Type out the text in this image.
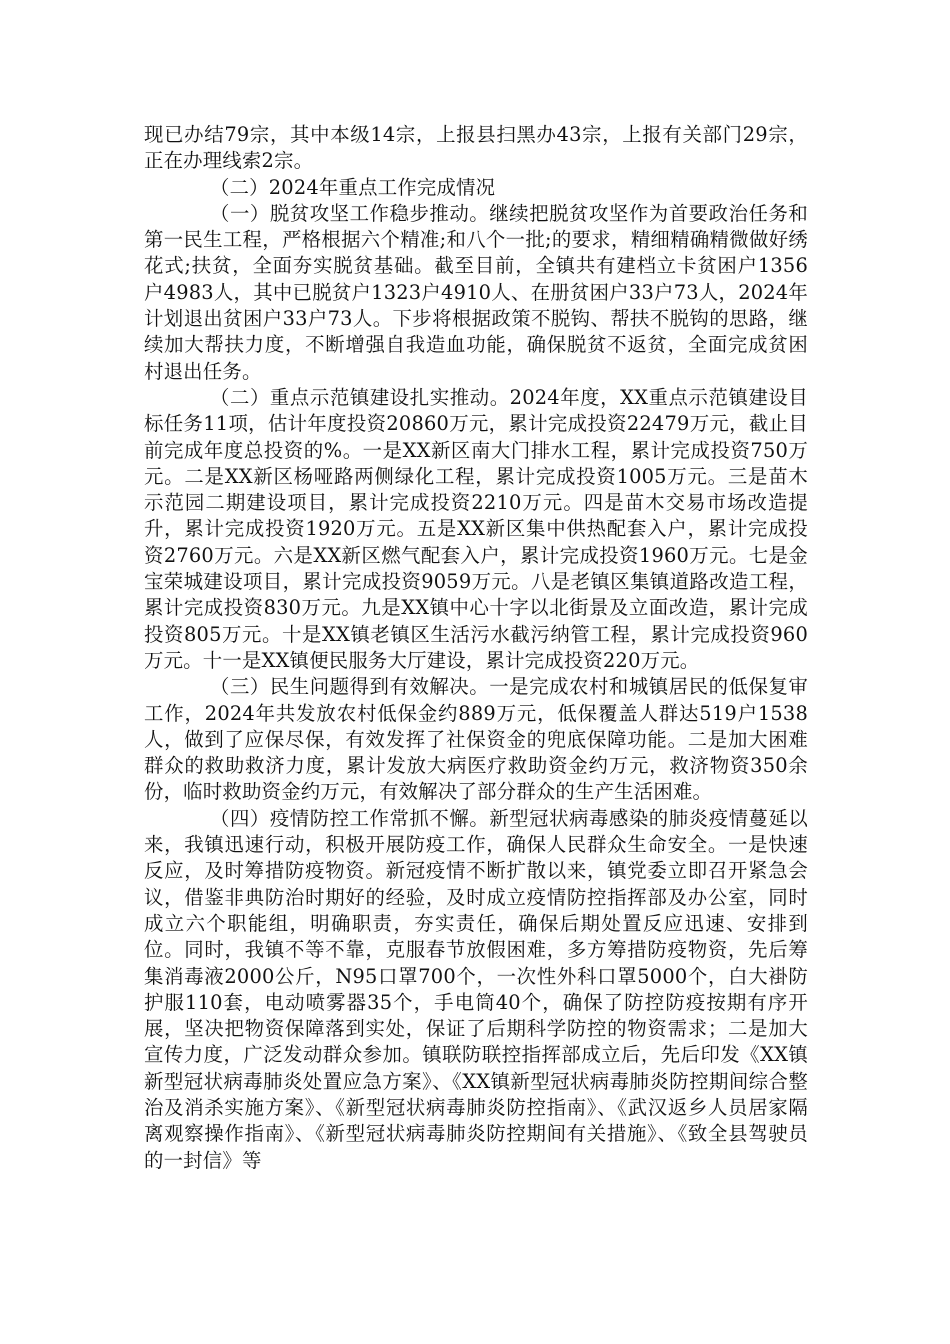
现已办结79宗，其中本级14宗，上报县扫黑办43宗，上报有关部门29宗，正在办理线索2宗。

（二）2024年重点工作完成情况

（一）脱贫攻坚工作稳步推动。继续把脱贫攻坚作为首要政治任务和第一民生工程，严格根据六个精准;和八个一批;的要求，精细精确精微做好绣花式;扶贫，全面夯实脱贫基础。截至目前，全镇共有建档立卡贫困户1356户4983人，其中已脱贫户1323户4910人、在册贫困户33户73人，2024年计划退出贫困户33户73人。下步将根据政策不脱钩、帮扶不脱钩的思路，继续加大帮扶力度，不断增强自我造血功能，确保脱贫不返贫，全面完成贫困村退出任务。

（二）重点示范镇建设扎实推动。2024年度，XX重点示范镇建设目标任务11项，估计年度投资20860万元，累计完成投资22479万元，截止目前完成年度总投资的%。一是XX新区南大门排水工程，累计完成投资750万元。二是XX新区杨哑路两侧绿化工程，累计完成投资1005万元。三是苗木示范园二期建设项目，累计完成投资2210万元。四是苗木交易市场改造提升，累计完成投资1920万元。五是XX新区集中供热配套入户，累计完成投资2760万元。六是XX新区燃气配套入户，累计完成投资1960万元。七是金宝荣城建设项目，累计完成投资9059万元。八是老镇区集镇道路改造工程，累计完成投资830万元。九是XX镇中心十字以北街景及立面改造，累计完成投资805万元。十是XX镇老镇区生活污水截污纳管工程，累计完成投资960万元。十一是XX镇便民服务大厅建设，累计完成投资220万元。

（三）民生问题得到有效解决。一是完成农村和城镇居民的低保复审工作，2024年共发放农村低保金约889万元，低保覆盖人群达519户1538人，做到了应保尽保，有效发挥了社保资金的兜底保障功能。二是加大困难群众的救助救济力度，累计发放大病医疗救助资金约万元，救济物资350余份，临时救助资金约万元，有效解决了部分群众的生产生活困难。

（四）疫情防控工作常抓不懈。新型冠状病毒感染的肺炎疫情蔓延以来，我镇迅速行动，积极开展防疫工作，确保人民群众生命安全。一是快速反应，及时筹措防疫物资。新冠疫情不断扩散以来，镇党委立即召开紧急会议，借鉴非典防治时期好的经验，及时成立疫情防控指挥部及办公室，同时成立六个职能组，明确职责，夯实责任，确保后期处置反应迅速、安排到位。同时，我镇不等不靠，克服春节放假困难，多方筹措防疫物资，先后筹集消毒液2000公斤，N95口罩700个，一次性外科口罩5000个，白大褂防护服110套，电动喷雾器35个，手电筒40个，确保了防控防疫按期有序开展，坚决把物资保障落到实处，保证了后期科学防控的物资需求；二是加大宣传力度，广泛发动群众参加。镇联防联控指挥部成立后，先后印发《XX镇新型冠状病毒肺炎处置应急方案》、《XX镇新型冠状病毒肺炎防控期间综合整治及消杀实施方案》、《新型冠状病毒肺炎防控指南》、《武汉返乡人员居家隔离观察操作指南》、《新型冠状病毒肺炎防控期间有关措施》、《致全县驾驶员的一封信》等
